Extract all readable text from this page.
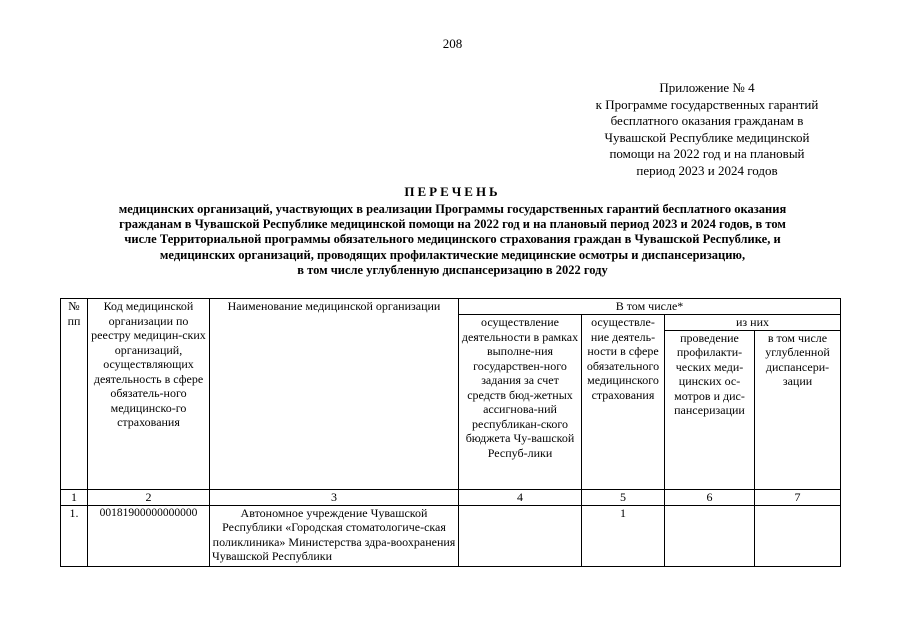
208
Приложение № 4
к Программе государственных гарантий
бесплатного оказания гражданам в
Чувашской Республике медицинской
помощи на 2022 год и на плановый
период 2023 и 2024 годов
ПЕРЕЧЕНЬ
медицинских организаций, участвующих в реализации Программы государственных гарантий бесплатного оказания
гражданам в Чувашской Республике медицинской помощи на 2022 год и на плановый период 2023 и 2024 годов, в том
числе Территориальной программы обязательного медицинского страхования граждан в Чувашской Республике, и
медицинских организаций, проводящих профилактические медицинские осмотры и диспансеризацию,
в том числе углубленную диспансеризацию в 2022 году
№ пп	Код медицинской организации по реестру медицин-ских организаций, осуществляющих деятельность в сфере обязатель-ного медицинско-го страхования	Наименование медицинской организации	В том числе*			
			осуществление деятельности в рамках выполне-ния государствен-ного задания за счет средств бюд-жетных ассигнова-ний республикан-ского бюджета Чу-вашской Респуб-лики	осуществле-ние деятель-ности в сфере обязательного медицинского страхования	из них	
					проведение профилакти-ческих меди-цинских ос-мотров и дис-пансеризации	в том числе углубленной диспансери-зации
1	2	3	4	5	6	7
1.	00181900000000000	Автономное учреждение Чувашской Республики «Городская стоматологиче-ская поликлиника» Министерства здра-воохранения Чувашской Республики		1		
